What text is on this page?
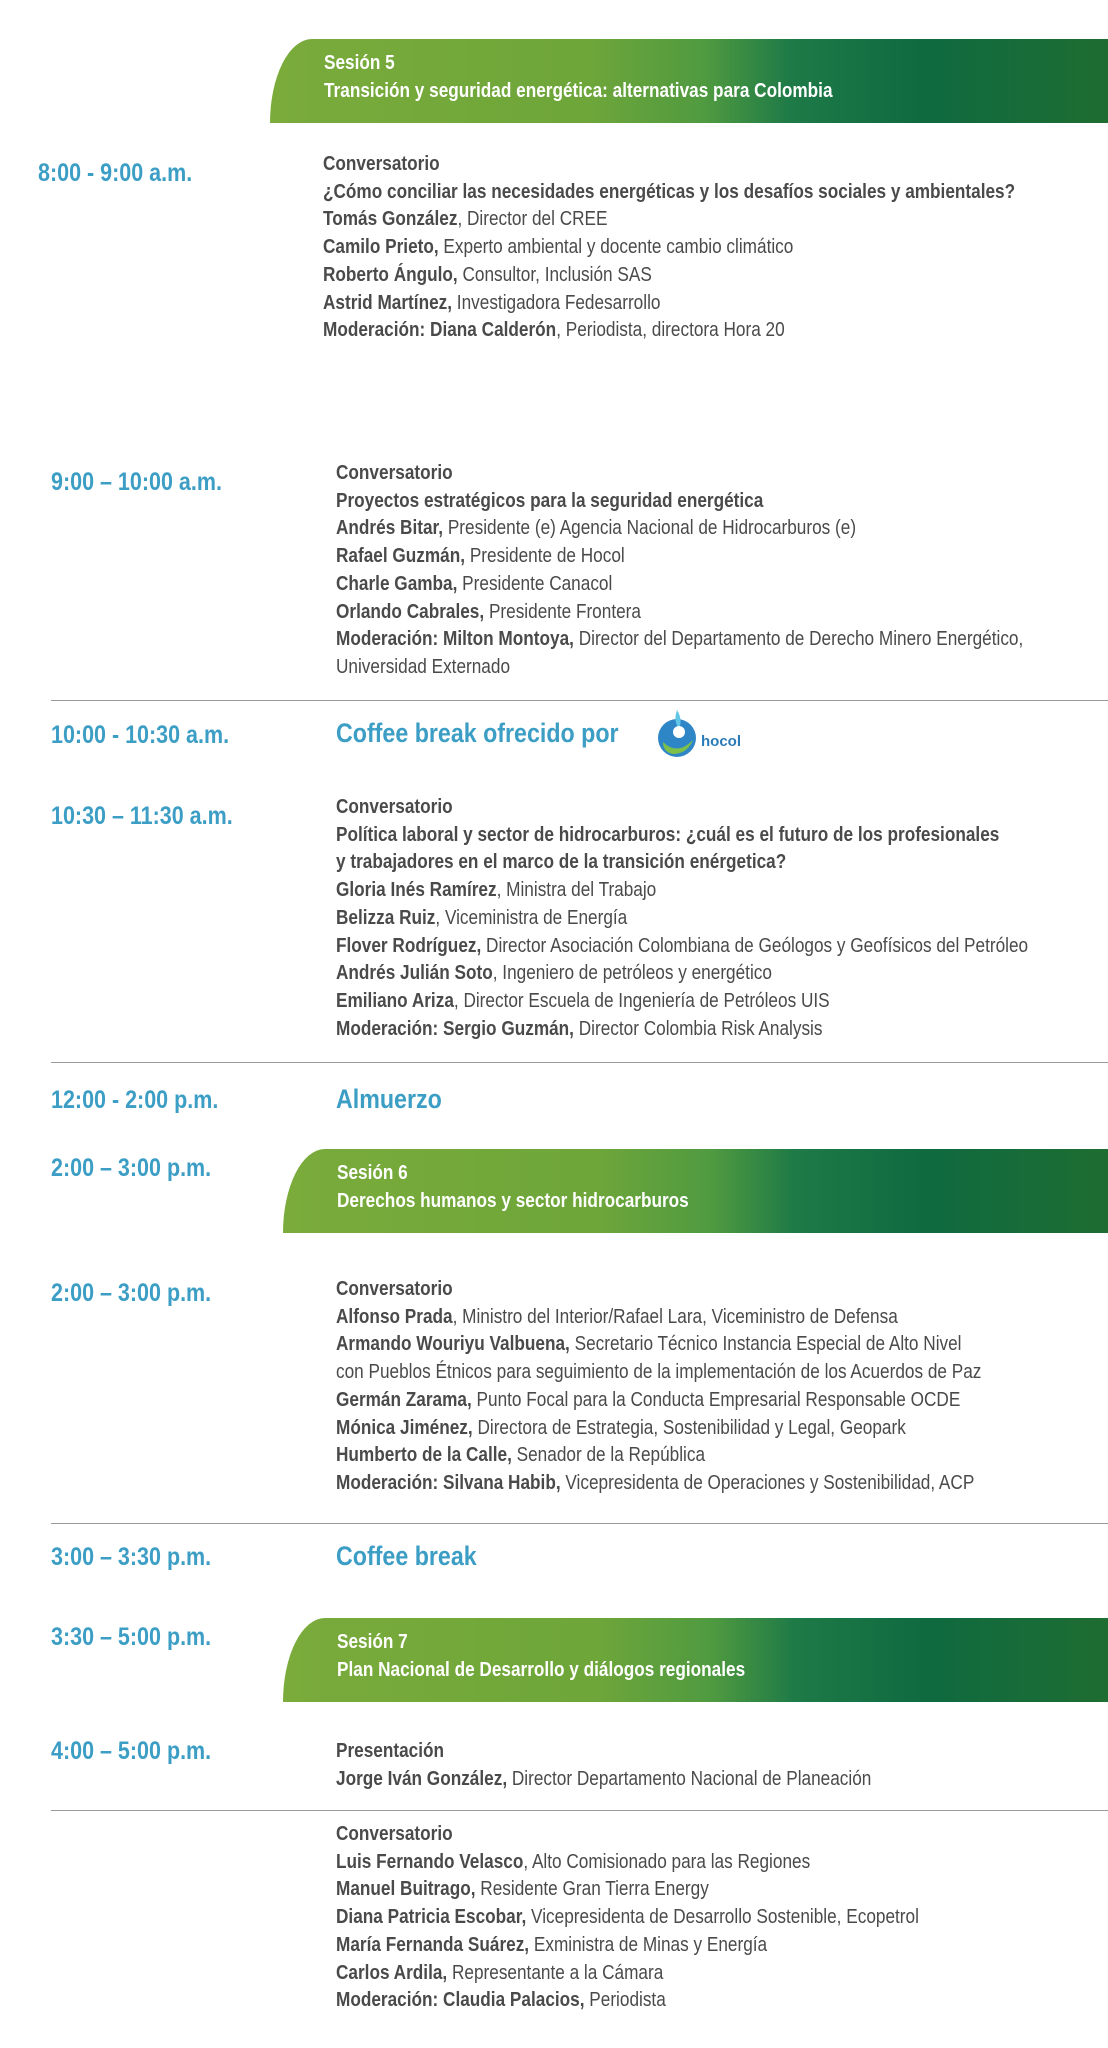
Sesión 5
Transición y seguridad energética: alternativas para Colombia
8:00 - 9:00 a.m.	Conversatorio
¿Cómo conciliar las necesidades energéticas y los desafíos sociales y ambientales?
Tomás González, Director del CREE
Camilo Prieto, Experto ambiental y docente cambio climático
Roberto Ángulo, Consultor, Inclusión SAS
Astrid Martínez, Investigadora Fedesarrollo
Moderación: Diana Calderón, Periodista, directora Hora 20
9:00 – 10:00 a.m.	Conversatorio
Proyectos estratégicos para la seguridad energética
Andrés Bitar, Presidente (e) Agencia Nacional de Hidrocarburos (e)
Rafael Guzmán, Presidente de Hocol
Charle Gamba, Presidente Canacol
Orlando Cabrales, Presidente Frontera
Moderación: Milton Montoya, Director del Departamento de Derecho Minero Energético,
Universidad Externado
10:00 - 10:30 a.m.	Coffee break ofrecido por	hocol
10:30 – 11:30 a.m.	Conversatorio
Política laboral y sector de hidrocarburos: ¿cuál es el futuro de los profesionales
y trabajadores en el marco de la transición enérgetica?
Gloria Inés Ramírez, Ministra del Trabajo
Belizza Ruiz, Viceministra de Energía
Flover Rodríguez, Director Asociación Colombiana de Geólogos y Geofísicos del Petróleo
Andrés Julián Soto, Ingeniero de petróleos y energético
Emiliano Ariza, Director Escuela de Ingeniería de Petróleos UIS
Moderación: Sergio Guzmán, Director Colombia Risk Analysis
12:00 - 2:00 p.m.	Almuerzo
2:00 – 3:00 p.m.	Sesión 6
Derechos humanos y sector hidrocarburos
2:00 – 3:00 p.m.	Conversatorio
Alfonso Prada, Ministro del Interior/Rafael Lara, Viceministro de Defensa
Armando Wouriyu Valbuena, Secretario Técnico Instancia Especial de Alto Nivel
con Pueblos Étnicos para seguimiento de la implementación de los Acuerdos de Paz
Germán Zarama, Punto Focal para la Conducta Empresarial Responsable OCDE
Mónica Jiménez, Directora de Estrategia, Sostenibilidad y Legal, Geopark
Humberto de la Calle, Senador de la República
Moderación: Silvana Habib, Vicepresidenta de Operaciones y Sostenibilidad, ACP
3:00 – 3:30 p.m.	Coffee break
3:30 – 5:00 p.m.	Sesión 7
Plan Nacional de Desarrollo y diálogos regionales
4:00 – 5:00 p.m.	Presentación
Jorge Iván González, Director Departamento Nacional de Planeación
Conversatorio
Luis Fernando Velasco, Alto Comisionado para las Regiones
Manuel Buitrago, Residente Gran Tierra Energy
Diana Patricia Escobar, Vicepresidenta de Desarrollo Sostenible, Ecopetrol
María Fernanda Suárez, Exministra de Minas y Energía
Carlos Ardila, Representante a la Cámara
Moderación: Claudia Palacios, Periodista
